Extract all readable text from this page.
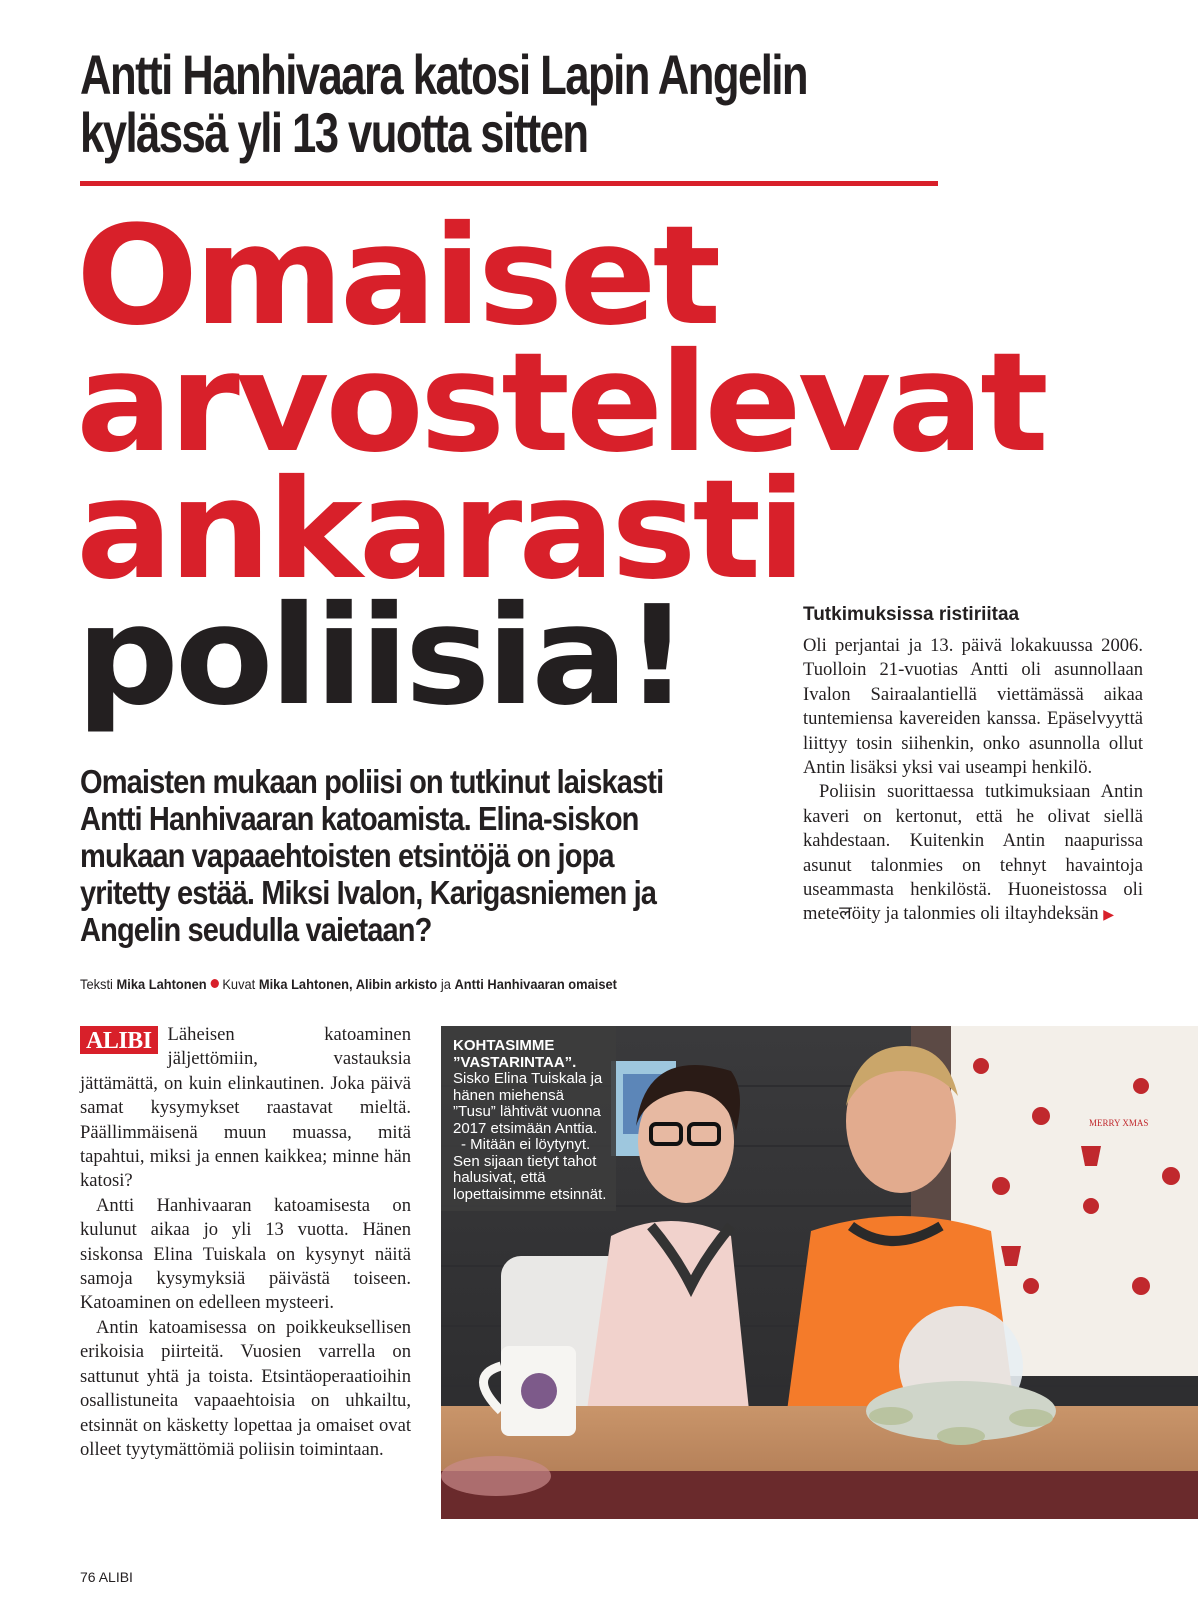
Antti Hanhivaara katosi Lapin Angelin
kylässä yli 13 vuotta sitten
Omaiset
arvostelevat
ankarasti
poliisia!	Tutkimuksissa ristiriitaa

Oli perjantai ja 13. päivä lokakuussa 2006. Tuolloin 21-vuotias Antti oli asunnollaan Ivalon Sairaalantiellä viettämässä aikaa tuntemiensa kavereiden kanssa. Epäselvyyttä liittyy tosin siihenkin, onko asunnolla ollut Antin lisäksi yksi vai useampi henkilö.

Poliisin suorittaessa tutkimuksiaan Antin kaveri on kertonut, että he olivat siellä kahdestaan. Kuitenkin Antin naapurissa asunut talonmies on tehnyt havaintoja useammasta henkilöstä. Huoneistossa oli meteलöity ja talonmies oli iltayhdeksän ▶

Omaisten mukaan poliisi on tutkinut laiskasti
Antti Hanhivaaran katoamista. Elina-siskon
mukaan vapaaehtoisten etsintöjä on jopa
yritetty estää. Miksi Ivalon, Karigasniemen ja
Angelin seudulla vaietaan?
Teksti Mika Lahtonen Kuvat Mika Lahtonen, Alibin arkisto ja Antti Hanhivaaran omaiset

ALIBI Läheisen katoaminen jäljettömiin, vastauksia jättämättä, on kuin elinkautinen. Joka päivä samat kysymykset raastavat mieltä. Päällimmäisenä muun muassa, mitä tapahtui, miksi ja ennen kaikkea; minne hän katosi?

Antti Hanhivaaran katoamisesta on kulunut aikaa jo yli 13 vuotta. Hänen siskonsa Elina Tuiskala on kysynyt näitä samoja kysymyksiä päivästä toiseen. Katoaminen on edelleen mysteeri.

Antin katoamisessa on poikkeuksellisen erikoisia piirteitä. Vuosien varrella on sattunut yhtä ja toista. Etsintäoperaatioihin osallistuneita vapaaehtoisia on uhkailtu, etsinnät on käsketty lopettaa ja omaiset ovat olleet tyytymättömiä poliisin toimintaan.

MERRY XMAS
KOHTASIMME ”VASTARINTAA”.
Sisko Elina Tuiskala ja hänen miehensä ”Tusu” lähtivät vuonna 2017 etsimään Anttia.
- Mitään ei löytynyt. Sen sijaan tietyt tahot halusivat, että lopettaisimme etsinnät.
76 ALIBI
